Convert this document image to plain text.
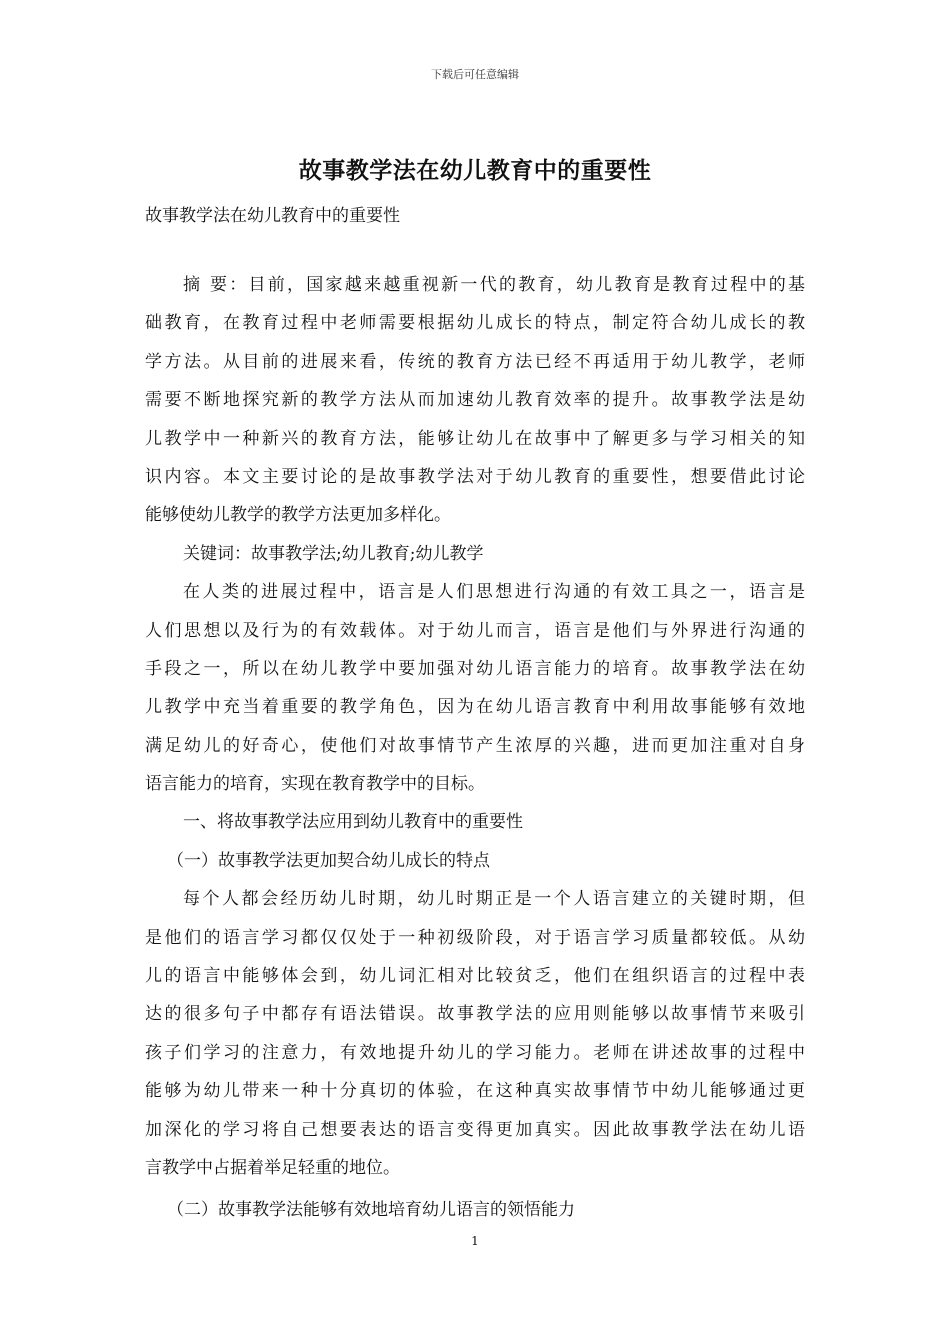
下载后可任意编辑
故事教学法在幼儿教育中的重要性
故事教学法在幼儿教育中的重要性
摘 要：目前，国家越来越重视新一代的教育，幼儿教育是教育过程中的基
础教育，在教育过程中老师需要根据幼儿成长的特点，制定符合幼儿成长的教
学方法。从目前的进展来看，传统的教育方法已经不再适用于幼儿教学，老师
需要不断地探究新的教学方法从而加速幼儿教育效率的提升。故事教学法是幼
儿教学中一种新兴的教育方法，能够让幼儿在故事中了解更多与学习相关的知
识内容。本文主要讨论的是故事教学法对于幼儿教育的重要性，想要借此讨论
能够使幼儿教学的教学方法更加多样化。
关键词：故事教学法;幼儿教育;幼儿教学
在人类的进展过程中，语言是人们思想进行沟通的有效工具之一，语言是
人们思想以及行为的有效载体。对于幼儿而言，语言是他们与外界进行沟通的
手段之一，所以在幼儿教学中要加强对幼儿语言能力的培育。故事教学法在幼
儿教学中充当着重要的教学角色，因为在幼儿语言教育中利用故事能够有效地
满足幼儿的好奇心，使他们对故事情节产生浓厚的兴趣，进而更加注重对自身
语言能力的培育，实现在教育教学中的目标。
一、将故事教学法应用到幼儿教育中的重要性
（一）故事教学法更加契合幼儿成长的特点
每个人都会经历幼儿时期，幼儿时期正是一个人语言建立的关键时期，但
是他们的语言学习都仅仅处于一种初级阶段，对于语言学习质量都较低。从幼
儿的语言中能够体会到，幼儿词汇相对比较贫乏，他们在组织语言的过程中表
达的很多句子中都存有语法错误。故事教学法的应用则能够以故事情节来吸引
孩子们学习的注意力，有效地提升幼儿的学习能力。老师在讲述故事的过程中
能够为幼儿带来一种十分真切的体验，在这种真实故事情节中幼儿能够通过更
加深化的学习将自己想要表达的语言变得更加真实。因此故事教学法在幼儿语
言教学中占据着举足轻重的地位。
（二）故事教学法能够有效地培育幼儿语言的领悟能力
1
